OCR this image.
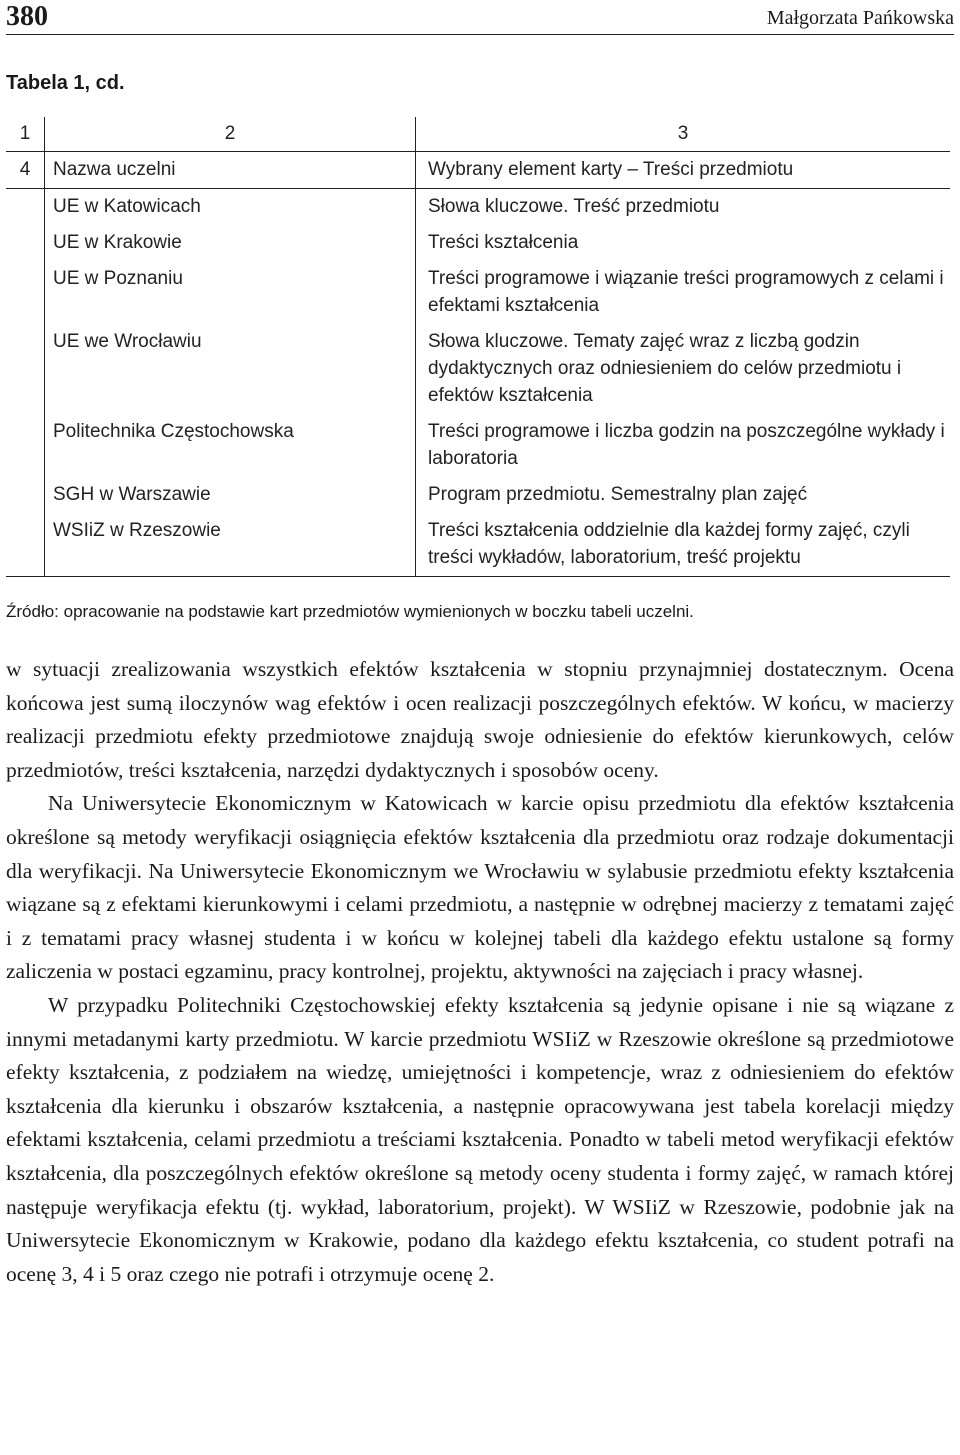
380	Małgorzata Pańkowska
Tabela 1, cd.
1	2	3
4	Nazwa uczelni	Wybrany element karty – Treści przedmiotu
	UE w Katowicach	Słowa kluczowe. Treść przedmiotu
	UE w Krakowie	Treści kształcenia
	UE w Poznaniu	Treści programowe i wiązanie treści programowych z celami i efektami kształcenia
	UE we Wrocławiu	Słowa kluczowe. Tematy zajęć wraz z liczbą godzin dydaktycznych oraz odniesieniem do celów przedmiotu i efektów kształcenia
	Politechnika Częstochowska	Treści programowe i liczba godzin na poszczególne wykłady i laboratoria
	SGH w Warszawie	Program przedmiotu. Semestralny plan zajęć
	WSIiZ w Rzeszowie	Treści kształcenia oddzielnie dla każdej formy zajęć, czyli treści wykładów, laboratorium, treść projektu
Źródło: opracowanie na podstawie kart przedmiotów wymienionych w boczku tabeli uczelni.

w sytuacji zrealizowania wszystkich efektów kształcenia w stopniu przynajmniej dostatecznym. Ocena końcowa jest sumą iloczynów wag efektów i ocen realizacji poszczególnych efektów. W końcu, w macierzy realizacji przedmiotu efekty przedmiotowe znajdują swoje odniesienie do efektów kierunkowych, celów przedmiotów, treści kształcenia, narzędzi dydaktycznych i sposobów oceny.

Na Uniwersytecie Ekonomicznym w Katowicach w karcie opisu przedmiotu dla efektów kształcenia określone są metody weryfikacji osiągnięcia efektów kształcenia dla przedmiotu oraz rodzaje dokumentacji dla weryfikacji. Na Uniwersytecie Ekonomicznym we Wrocławiu w sylabusie przedmiotu efekty kształcenia wiązane są z efektami kierunkowymi i celami przedmiotu, a następnie w odrębnej macierzy z tematami zajęć i z tematami pracy własnej studenta i w końcu w kolejnej tabeli dla każdego efektu ustalone są formy zaliczenia w postaci egzaminu, pracy kontrolnej, projektu, aktywności na zajęciach i pracy własnej.

W przypadku Politechniki Częstochowskiej efekty kształcenia są jedynie opisane i nie są wiązane z innymi metadanymi karty przedmiotu. W karcie przedmiotu WSIiZ w Rzeszowie określone są przedmiotowe efekty kształcenia, z podziałem na wiedzę, umiejętności i kompetencje, wraz z odniesieniem do efektów kształcenia dla kierunku i obszarów kształcenia, a następnie opracowywana jest tabela korelacji między efektami kształcenia, celami przedmiotu a treściami kształcenia. Ponadto w tabeli metod weryfikacji efektów kształcenia, dla poszczególnych efektów określone są metody oceny studenta i formy zajęć, w ramach której następuje weryfikacja efektu (tj. wykład, laboratorium, projekt). W WSIiZ w Rzeszowie, podobnie jak na Uniwersytecie Ekonomicznym w Krakowie, podano dla każdego efektu kształcenia, co student potrafi na ocenę 3, 4 i 5 oraz czego nie potrafi i otrzymuje ocenę 2.
